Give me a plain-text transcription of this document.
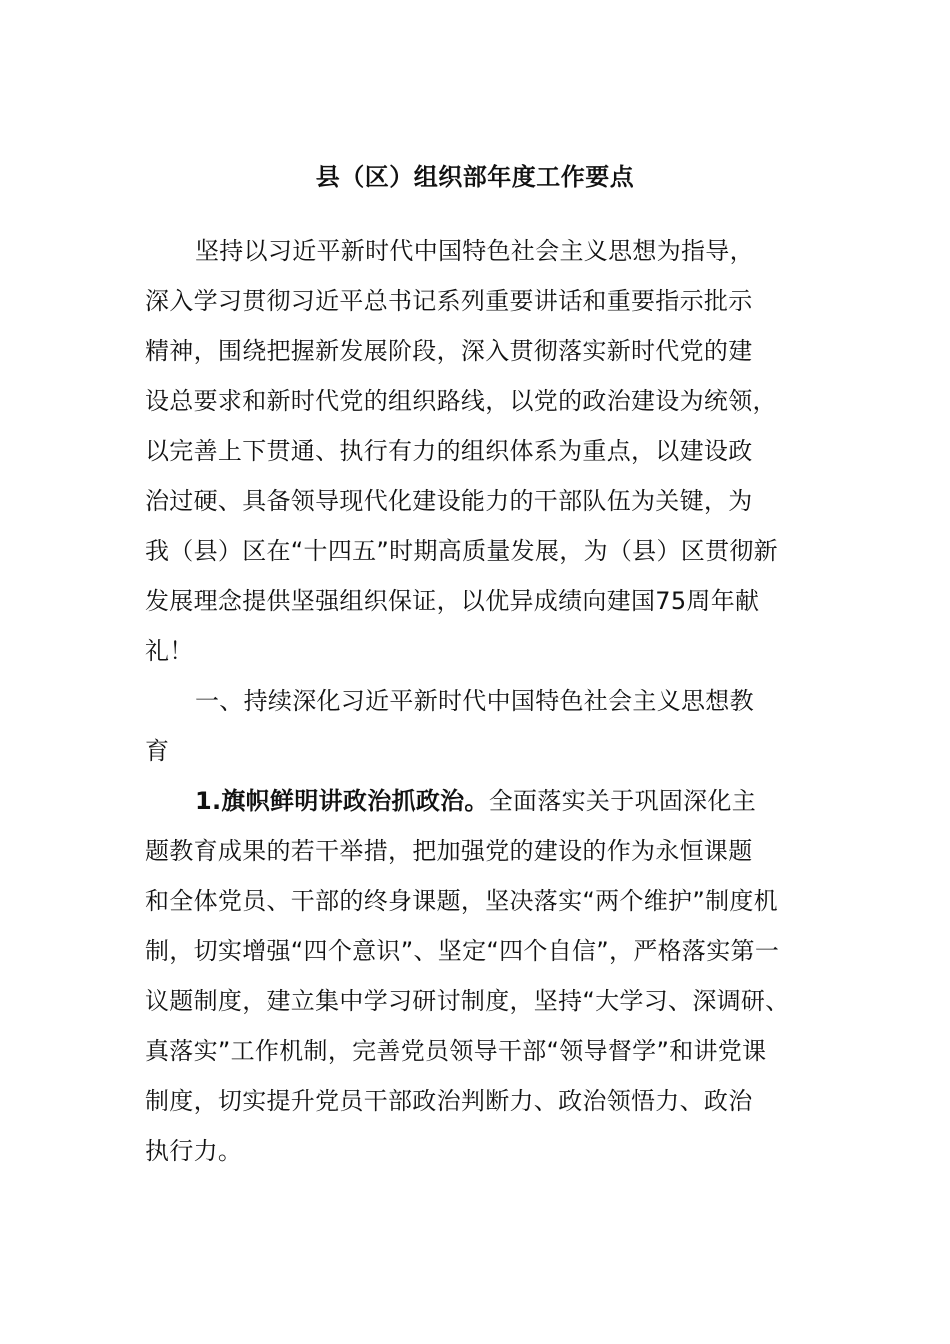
县（区）组织部年度工作要点
坚持以习近平新时代中国特色社会主义思想为指导，
深入学习贯彻习近平总书记系列重要讲话和重要指示批示
精神，围绕把握新发展阶段，深入贯彻落实新时代党的建
设总要求和新时代党的组织路线，以党的政治建设为统领，
以完善上下贯通、执行有力的组织体系为重点，以建设政
治过硬、具备领导现代化建设能力的干部队伍为关键，为
我（县）区在“十四五”时期高质量发展，为（县）区贯彻新
发展理念提供坚强组织保证，以优异成绩向建国75周年献
礼！
一、持续深化习近平新时代中国特色社会主义思想教
育
1.旗帜鲜明讲政治抓政治。全面落实关于巩固深化主
题教育成果的若干举措，把加强党的建设的作为永恒课题
和全体党员、干部的终身课题，坚决落实“两个维护”制度机
制，切实增强“四个意识”、坚定“四个自信”，严格落实第一
议题制度，建立集中学习研讨制度，坚持“大学习、深调研、
真落实”工作机制，完善党员领导干部“领导督学”和讲党课
制度，切实提升党员干部政治判断力、政治领悟力、政治
执行力。
